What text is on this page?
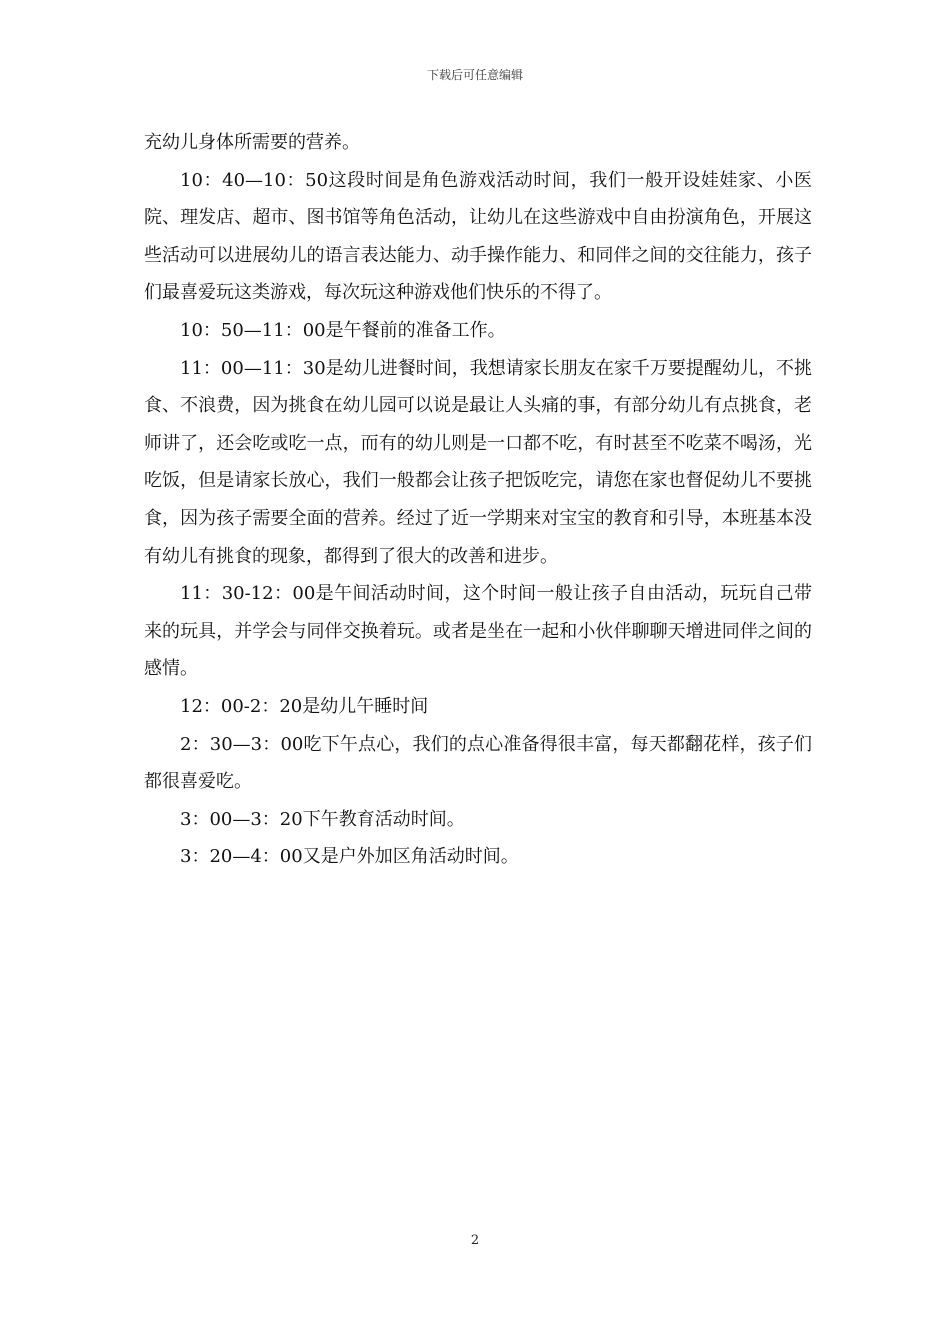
下载后可任意编辑

充幼儿身体所需要的营养。

10：40—10：50这段时间是角色游戏活动时间，我们一般开设娃娃家、小医院、理发店、超市、图书馆等角色活动，让幼儿在这些游戏中自由扮演角色，开展这些活动可以进展幼儿的语言表达能力、动手操作能力、和同伴之间的交往能力，孩子们最喜爱玩这类游戏，每次玩这种游戏他们快乐的不得了。

10：50—11：00是午餐前的准备工作。

11：00—11：30是幼儿进餐时间，我想请家长朋友在家千万要提醒幼儿，不挑食、不浪费，因为挑食在幼儿园可以说是最让人头痛的事，有部分幼儿有点挑食，老师讲了，还会吃或吃一点，而有的幼儿则是一口都不吃，有时甚至不吃菜不喝汤，光吃饭，但是请家长放心，我们一般都会让孩子把饭吃完，请您在家也督促幼儿不要挑食，因为孩子需要全面的营养。经过了近一学期来对宝宝的教育和引导，本班基本没有幼儿有挑食的现象，都得到了很大的改善和进步。

11：30-12：00是午间活动时间，这个时间一般让孩子自由活动，玩玩自己带来的玩具，并学会与同伴交换着玩。或者是坐在一起和小伙伴聊聊天增进同伴之间的感情。

12：00-2：20是幼儿午睡时间

2：30—3：00吃下午点心，我们的点心准备得很丰富，每天都翻花样，孩子们都很喜爱吃。

3：00—3：20下午教育活动时间。

3：20—4：00又是户外加区角活动时间。

2
